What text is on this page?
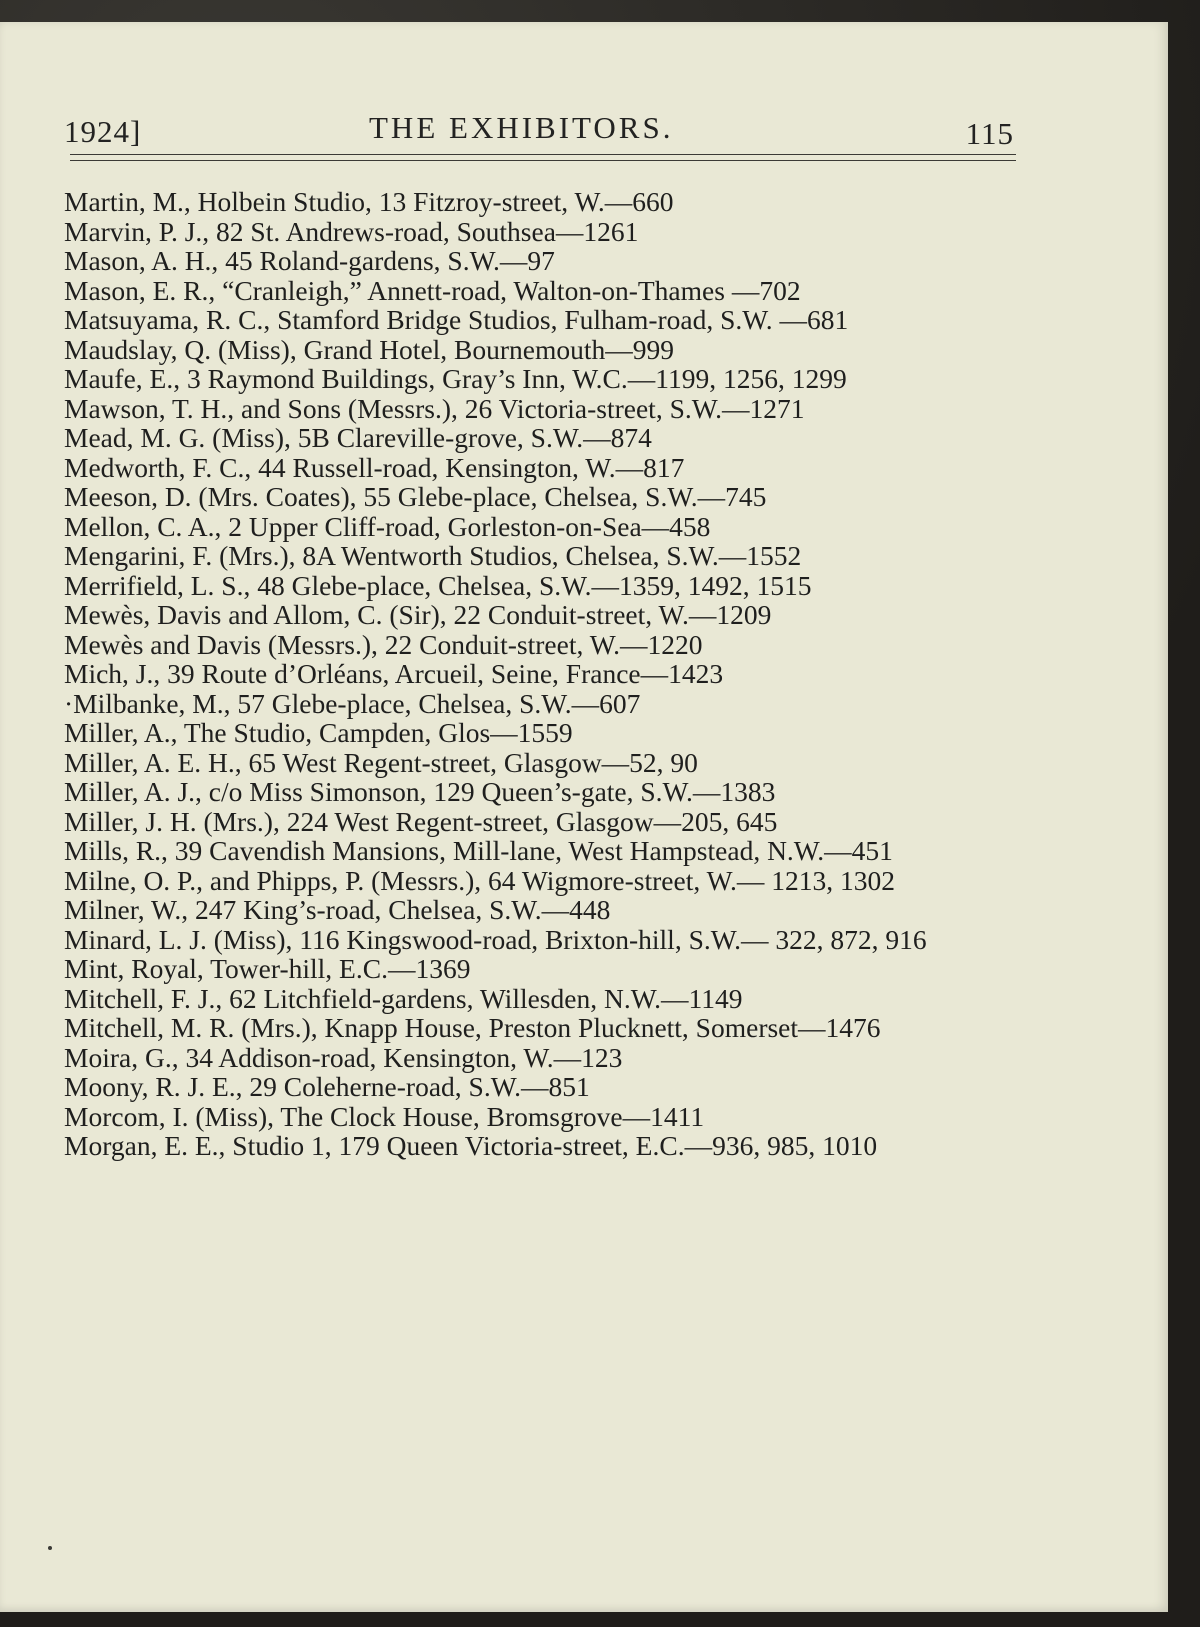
1924]	THE EXHIBITORS.	115

Martin, M., Holbein Studio, 13 Fitzroy-street, W.—660

Marvin, P. J., 82 St. Andrews-road, Southsea—1261

Mason, A. H., 45 Roland-gardens, S.W.—97

Mason, E. R., “Cranleigh,” Annett-road, Walton-on-Thames —702

Matsuyama, R. C., Stamford Bridge Studios, Fulham-road, S.W. —681

Maudslay, Q. (Miss), Grand Hotel, Bournemouth—999

Maufe, E., 3 Raymond Buildings, Gray’s Inn, W.C.—1199, 1256, 1299

Mawson, T. H., and Sons (Messrs.), 26 Victoria-street, S.W.—1271

Mead, M. G. (Miss), 5B Clareville-grove, S.W.—874

Medworth, F. C., 44 Russell-road, Kensington, W.—817

Meeson, D. (Mrs. Coates), 55 Glebe-place, Chelsea, S.W.—745

Mellon, C. A., 2 Upper Cliff-road, Gorleston-on-Sea—458

Mengarini, F. (Mrs.), 8A Wentworth Studios, Chelsea, S.W.—1552

Merrifield, L. S., 48 Glebe-place, Chelsea, S.W.—1359, 1492, 1515

Mewès, Davis and Allom, C. (Sir), 22 Conduit-street, W.—1209

Mewès and Davis (Messrs.), 22 Conduit-street, W.—1220

Mich, J., 39 Route d’Orléans, Arcueil, Seine, France—1423

·Milbanke, M., 57 Glebe-place, Chelsea, S.W.—607

Miller, A., The Studio, Campden, Glos—1559

Miller, A. E. H., 65 West Regent-street, Glasgow—52, 90

Miller, A. J., c/o Miss Simonson, 129 Queen’s-gate, S.W.—1383

Miller, J. H. (Mrs.), 224 West Regent-street, Glasgow—205, 645

Mills, R., 39 Cavendish Mansions, Mill-lane, West Hampstead, N.W.—451

Milne, O. P., and Phipps, P. (Messrs.), 64 Wigmore-street, W.— 1213, 1302

Milner, W., 247 King’s-road, Chelsea, S.W.—448

Minard, L. J. (Miss), 116 Kingswood-road, Brixton-hill, S.W.— 322, 872, 916

Mint, Royal, Tower-hill, E.C.—1369

Mitchell, F. J., 62 Litchfield-gardens, Willesden, N.W.—1149

Mitchell, M. R. (Mrs.), Knapp House, Preston Plucknett, Somerset—1476

Moira, G., 34 Addison-road, Kensington, W.—123

Moony, R. J. E., 29 Coleherne-road, S.W.—851

Morcom, I. (Miss), The Clock House, Bromsgrove—1411

Morgan, E. E., Studio 1, 179 Queen Victoria-street, E.C.—936, 985, 1010
